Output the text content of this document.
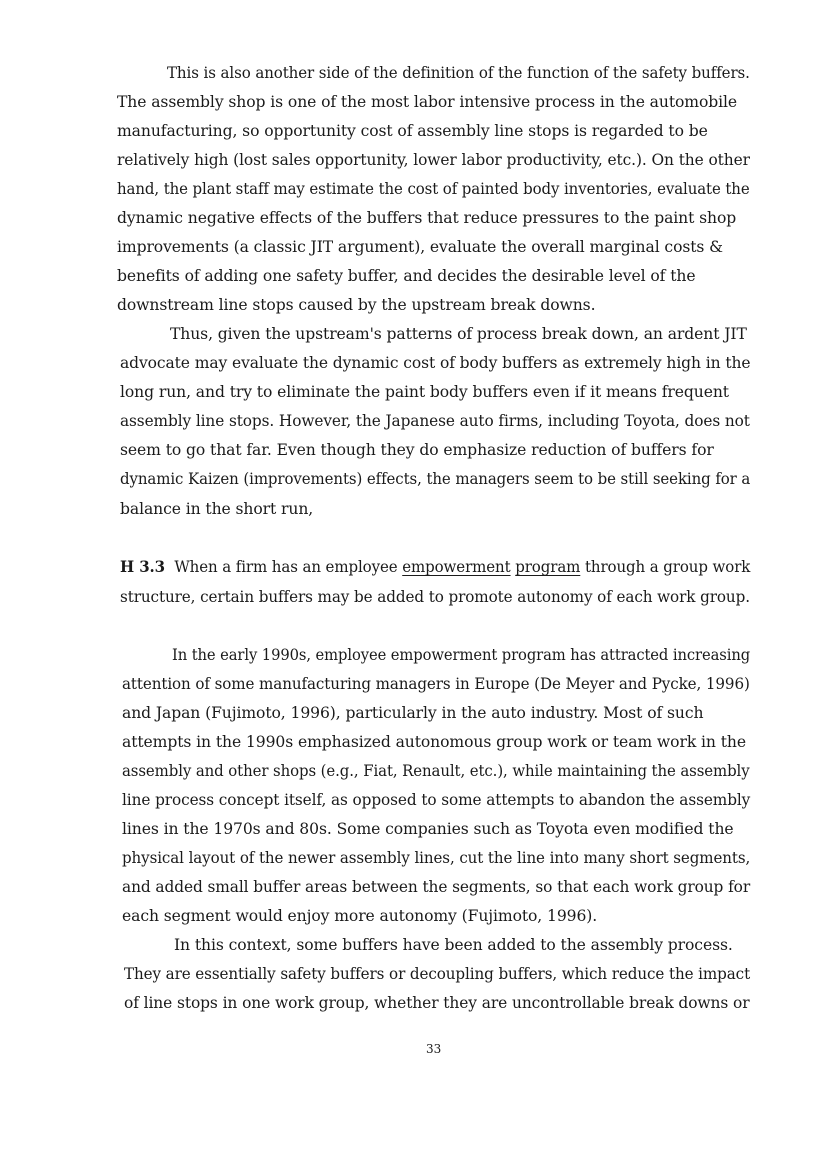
This is also another side of the definition of the function of the safety buffers.
The assembly shop is one of the most labor intensive process in the automobile
manufacturing, so opportunity cost of assembly line stops is regarded to be
relatively high (lost sales opportunity, lower labor productivity, etc.). On the other
hand, the plant staff may estimate the cost of painted body inventories, evaluate the
dynamic negative effects of the buffers that reduce pressures to the paint shop
improvements (a classic JIT argument), evaluate the overall marginal costs &
benefits of adding one safety buffer, and decides the desirable level of the
downstream line stops caused by the upstream break downs.
Thus, given the upstream's patterns of process break down, an ardent JIT
advocate may evaluate the dynamic cost of body buffers as extremely high in the
long run, and try to eliminate the paint body buffers even if it means frequent
assembly line stops. However, the Japanese auto firms, including Toyota, does not
seem to go that far. Even though they do emphasize reduction of buffers for
dynamic Kaizen (improvements) effects, the managers seem to be still seeking for a
balance in the short run,
H 3.3 When a firm has an employee empowerment program through a group work
structure, certain buffers may be added to promote autonomy of each work group.
In the early 1990s, employee empowerment program has attracted increasing
attention of some manufacturing managers in Europe (De Meyer and Pycke, 1996)
and Japan (Fujimoto, 1996), particularly in the auto industry. Most of such
attempts in the 1990s emphasized autonomous group work or team work in the
assembly and other shops (e.g., Fiat, Renault, etc.), while maintaining the assembly
line process concept itself, as opposed to some attempts to abandon the assembly
lines in the 1970s and 80s. Some companies such as Toyota even modified the
physical layout of the newer assembly lines, cut the line into many short segments,
and added small buffer areas between the segments, so that each work group for
each segment would enjoy more autonomy (Fujimoto, 1996).
In this context, some buffers have been added to the assembly process.
They are essentially safety buffers or decoupling buffers, which reduce the impact
of line stops in one work group, whether they are uncontrollable break downs or
33
